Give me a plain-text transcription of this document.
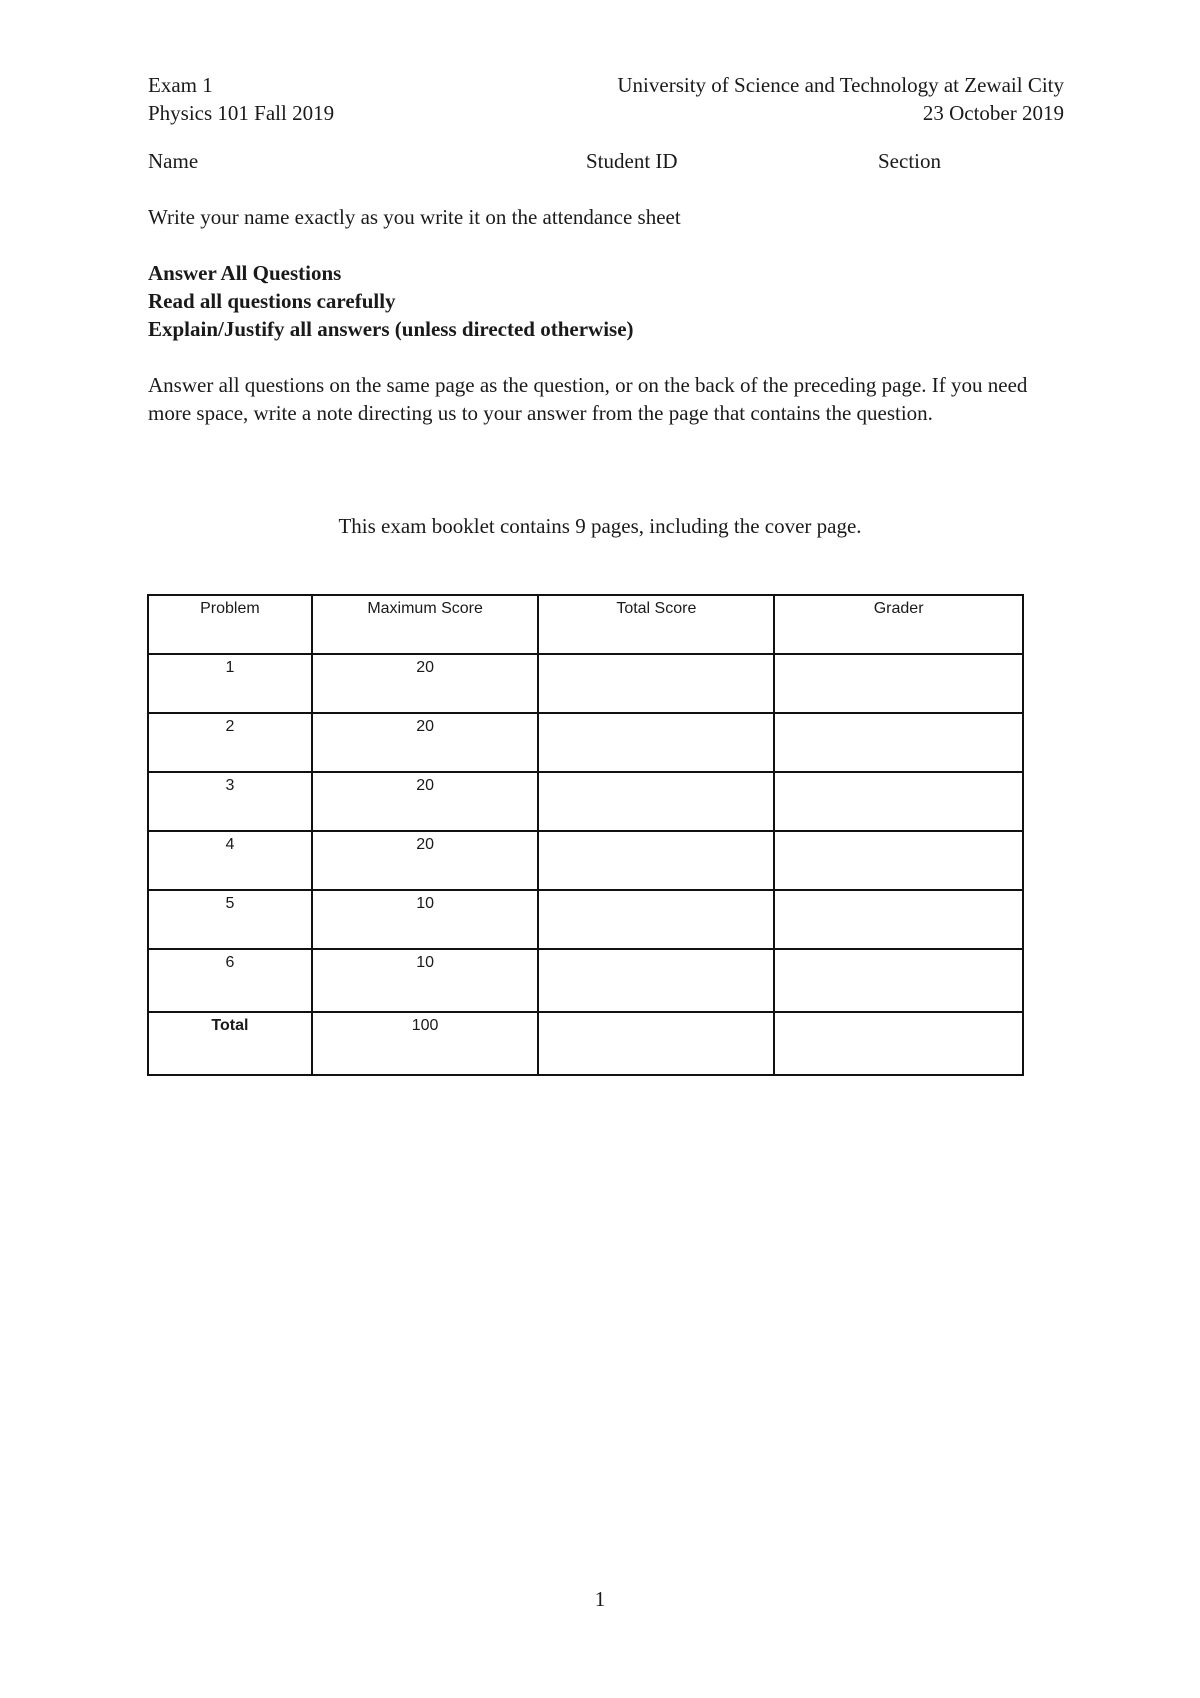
Exam 1
Physics 101 Fall 2019
University of Science and Technology at Zewail City
23 October 2019
Name	Student ID	Section
Write your name exactly as you write it on the attendance sheet
Answer All Questions
Read all questions carefully
Explain/Justify all answers (unless directed otherwise)
Answer all questions on the same page as the question, or on the back of the preceding page. If you need more space, write a note directing us to your answer from the page that contains the question.
This exam booklet contains 9 pages, including the cover page.
Problem	Maximum Score	Total Score	Grader
1	20		
2	20		
3	20		
4	20		
5	10		
6	10		
Total	100		
1
